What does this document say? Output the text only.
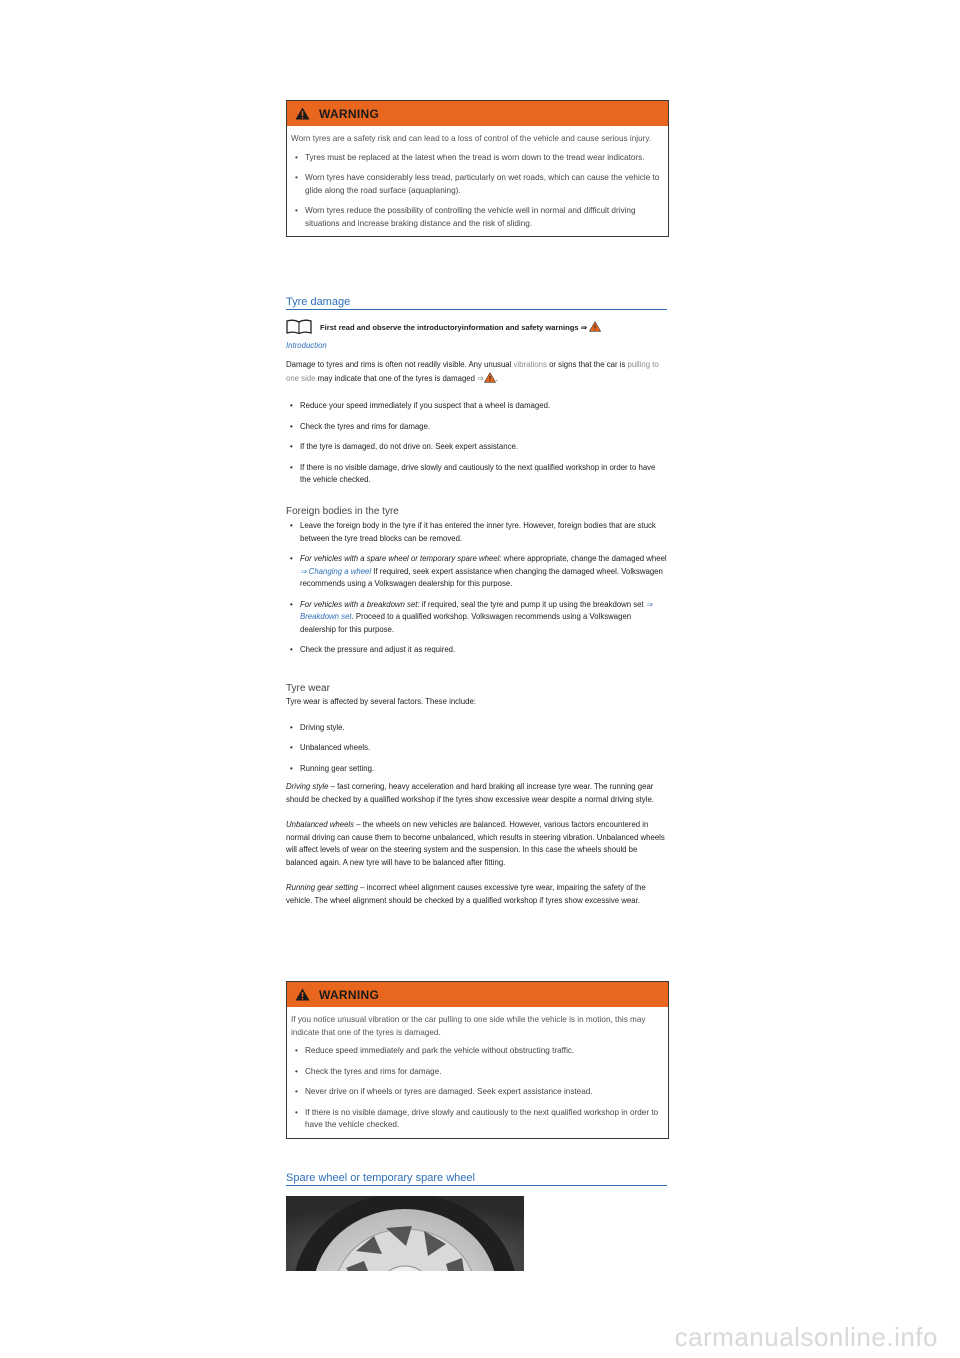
WARNING

Worn tyres are a safety risk and can lead to a loss of control of the vehicle and cause serious injury.

• Tyres must be replaced at the latest when the tread is worn down to the tread wear indicators.
• Worn tyres have considerably less tread, particularly on wet roads, which can cause the vehicle to glide along the road surface (aquaplaning).
• Worn tyres reduce the possibility of controlling the vehicle well in normal and difficult driving situations and increase braking distance and the risk of sliding.
Tyre damage
First read and observe the introductoryinformation and safety warnings ⇒
Introduction

Damage to tyres and rims is often not readily visible. Any unusual vibrations or signs that the car is pulling to one side may indicate that one of the tyres is damaged ⇒ .

• Reduce your speed immediately if you suspect that a wheel is damaged.
• Check the tyres and rims for damage.
• If the tyre is damaged, do not drive on. Seek expert assistance.
• If there is no visible damage, drive slowly and cautiously to the next qualified workshop in order to have the vehicle checked.
Foreign bodies in the tyre
• Leave the foreign body in the tyre if it has entered the inner tyre. However, foreign bodies that are stuck between the tyre tread blocks can be removed.
• For vehicles with a spare wheel or temporary spare wheel: where appropriate, change the damaged wheel ⇒ Changing a wheel If required, seek expert assistance when changing the damaged wheel. Volkswagen recommends using a Volkswagen dealership for this purpose.
• For vehicles with a breakdown set: if required, seal the tyre and pump it up using the breakdown set ⇒ Breakdown set. Proceed to a qualified workshop. Volkswagen recommends using a Volkswagen dealership for this purpose.
• Check the pressure and adjust it as required.
Tyre wear
Tyre wear is affected by several factors. These include:
• Driving style.
• Unbalanced wheels.
• Running gear setting.

Driving style – fast cornering, heavy acceleration and hard braking all increase tyre wear. The running gear should be checked by a qualified workshop if the tyres show excessive wear despite a normal driving style.

Unbalanced wheels – the wheels on new vehicles are balanced. However, various factors encountered in normal driving can cause them to become unbalanced, which results in steering vibration. Unbalanced wheels will affect levels of wear on the steering system and the suspension. In this case the wheels should be balanced again. A new tyre will have to be balanced after fitting.

Running gear setting – incorrect wheel alignment causes excessive tyre wear, impairing the safety of the vehicle. The wheel alignment should be checked by a qualified workshop if tyres show excessive wear.

WARNING

If you notice unusual vibration or the car pulling to one side while the vehicle is in motion, this may indicate that one of the tyres is damaged.

• Reduce speed immediately and park the vehicle without obstructing traffic.
• Check the tyres and rims for damage.
• Never drive on if wheels or tyres are damaged. Seek expert assistance instead.
• If there is no visible damage, drive slowly and cautiously to the next qualified workshop in order to have the vehicle checked.
Spare wheel or temporary spare wheel
carmanualsonline.info
